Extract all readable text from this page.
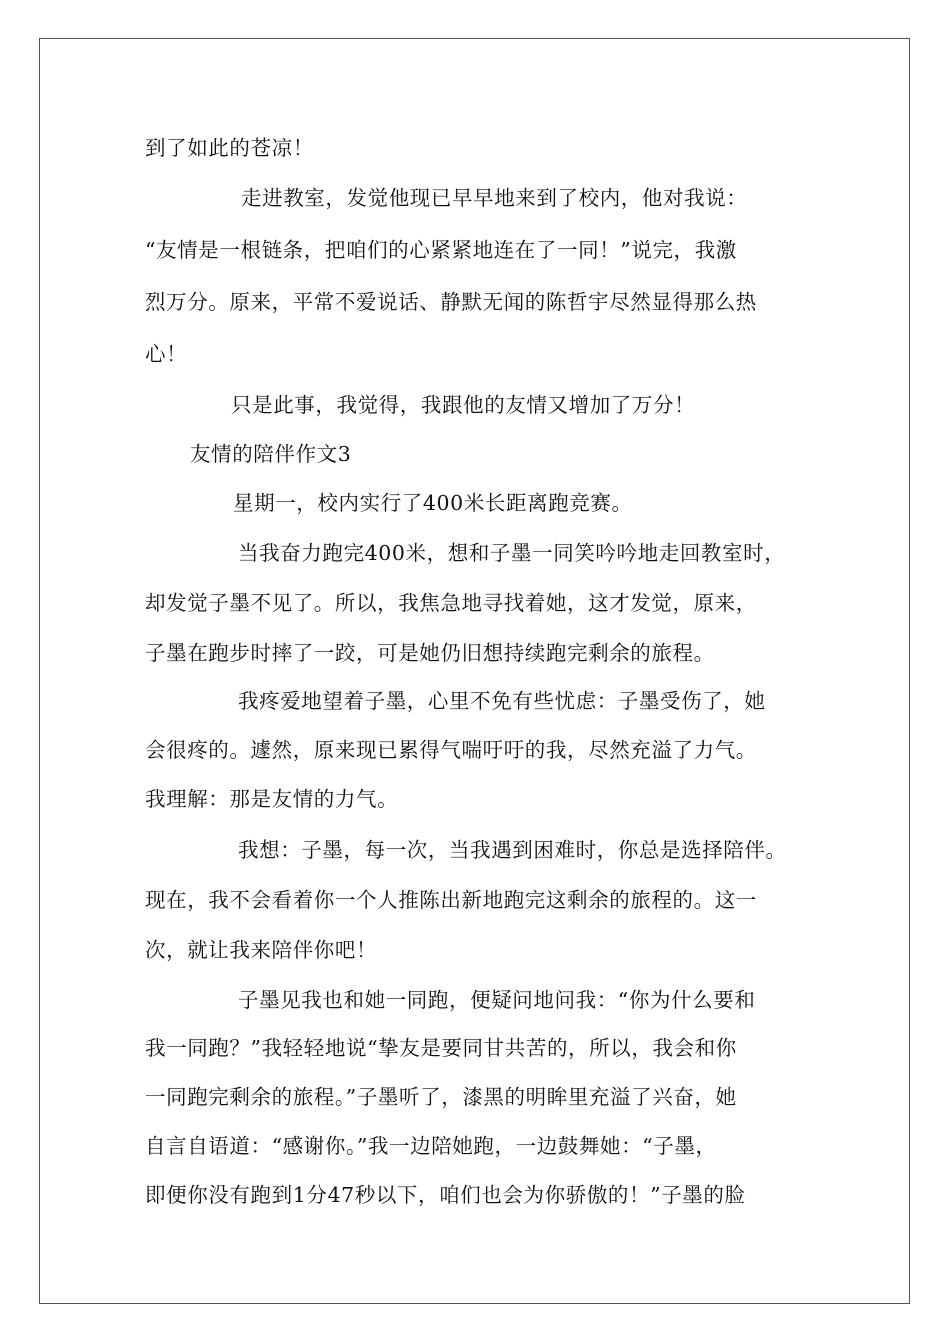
到了如此的苍凉！
走进教室，发觉他现已早早地来到了校内，他对我说：
“友情是一根链条，把咱们的心紧紧地连在了一同！”说完，我激
烈万分。原来，平常不爱说话、静默无闻的陈哲宇尽然显得那么热
心！
只是此事，我觉得，我跟他的友情又增加了万分！
友情的陪伴作文3
星期一，校内实行了400米长距离跑竞赛。
当我奋力跑完400米，想和子墨一同笑吟吟地走回教室时，
却发觉子墨不见了。所以，我焦急地寻找着她，这才发觉，原来，
子墨在跑步时摔了一跤，可是她仍旧想持续跑完剩余的旅程。
我疼爱地望着子墨，心里不免有些忧虑：子墨受伤了，她
会很疼的。遽然，原来现已累得气喘吁吁的我，尽然充溢了力气。
我理解：那是友情的力气。
我想：子墨，每一次，当我遇到困难时，你总是选择陪伴。
现在，我不会看着你一个人推陈出新地跑完这剩余的旅程的。这一
次，就让我来陪伴你吧！
子墨见我也和她一同跑，便疑问地问我：“你为什么要和
我一同跑？”我轻轻地说“挚友是要同甘共苦的，所以，我会和你
一同跑完剩余的旅程。”子墨听了，漆黑的明眸里充溢了兴奋，她
自言自语道：“感谢你。”我一边陪她跑，一边鼓舞她：“子墨，
即便你没有跑到1分47秒以下，咱们也会为你骄傲的！”子墨的脸
